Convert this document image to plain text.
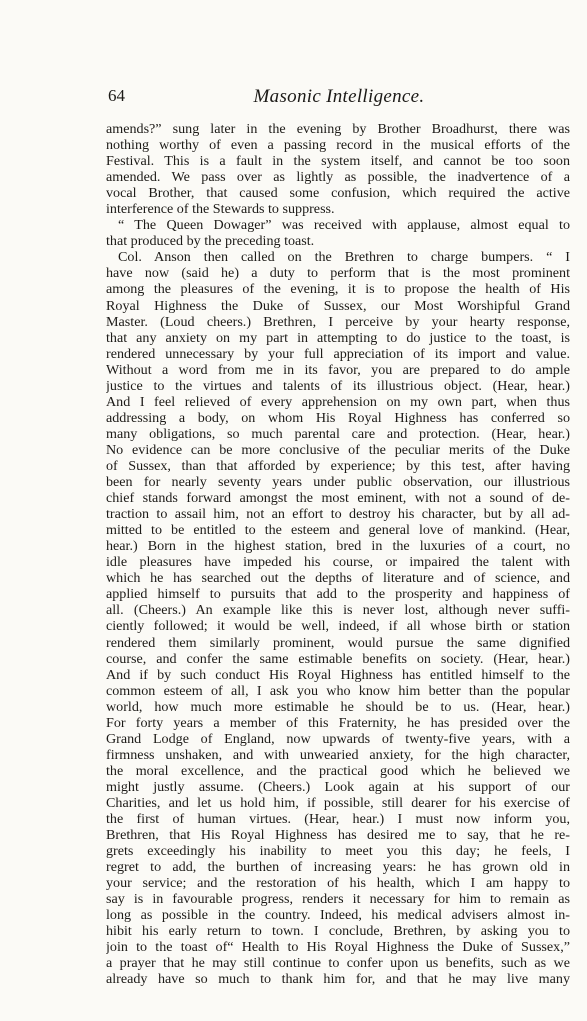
64	Masonic Intelligence.
amends?” sung later in the evening by Brother Broadhurst, there was
nothing worthy of even a passing record in the musical efforts of the
Festival. This is a fault in the system itself, and cannot be too soon
amended. We pass over as lightly as possible, the inadvertence of a
vocal Brother, that caused some confusion, which required the active
interference of the Stewards to suppress.
“ The Queen Dowager” was received with applause, almost equal to
that produced by the preceding toast.
Col. Anson then called on the Brethren to charge bumpers. “ I
have now (said he) a duty to perform that is the most prominent
among the pleasures of the evening, it is to propose the health of His
Royal Highness the Duke of Sussex, our Most Worshipful Grand
Master. (Loud cheers.) Brethren, I perceive by your hearty response,
that any anxiety on my part in attempting to do justice to the toast, is
rendered unnecessary by your full appreciation of its import and value.
Without a word from me in its favor, you are prepared to do ample
justice to the virtues and talents of its illustrious object. (Hear, hear.)
And I feel relieved of every apprehension on my own part, when thus
addressing a body, on whom His Royal Highness has conferred so
many obligations, so much parental care and protection. (Hear, hear.)
No evidence can be more conclusive of the peculiar merits of the Duke
of Sussex, than that afforded by experience; by this test, after having
been for nearly seventy years under public observation, our illustrious
chief stands forward amongst the most eminent, with not a sound of de-
traction to assail him, not an effort to destroy his character, but by all ad-
mitted to be entitled to the esteem and general love of mankind. (Hear,
hear.) Born in the highest station, bred in the luxuries of a court, no
idle pleasures have impeded his course, or impaired the talent with
which he has searched out the depths of literature and of science, and
applied himself to pursuits that add to the prosperity and happiness of
all. (Cheers.) An example like this is never lost, although never suffi-
ciently followed; it would be well, indeed, if all whose birth or station
rendered them similarly prominent, would pursue the same dignified
course, and confer the same estimable benefits on society. (Hear, hear.)
And if by such conduct His Royal Highness has entitled himself to the
common esteem of all, I ask you who know him better than the popular
world, how much more estimable he should be to us. (Hear, hear.)
For forty years a member of this Fraternity, he has presided over the
Grand Lodge of England, now upwards of twenty-five years, with a
firmness unshaken, and with unwearied anxiety, for the high character,
the moral excellence, and the practical good which he believed we
might justly assume. (Cheers.) Look again at his support of our
Charities, and let us hold him, if possible, still dearer for his exercise of
the first of human virtues. (Hear, hear.) I must now inform you,
Brethren, that His Royal Highness has desired me to say, that he re-
grets exceedingly his inability to meet you this day; he feels, I
regret to add, the burthen of increasing years: he has grown old in
your service; and the restoration of his health, which I am happy to
say is in favourable progress, renders it necessary for him to remain as
long as possible in the country. Indeed, his medical advisers almost in-
hibit his early return to town. I conclude, Brethren, by asking you to
join to the toast of“ Health to His Royal Highness the Duke of Sussex,”
a prayer that he may still continue to confer upon us benefits, such as we
already have so much to thank him for, and that he may live many
